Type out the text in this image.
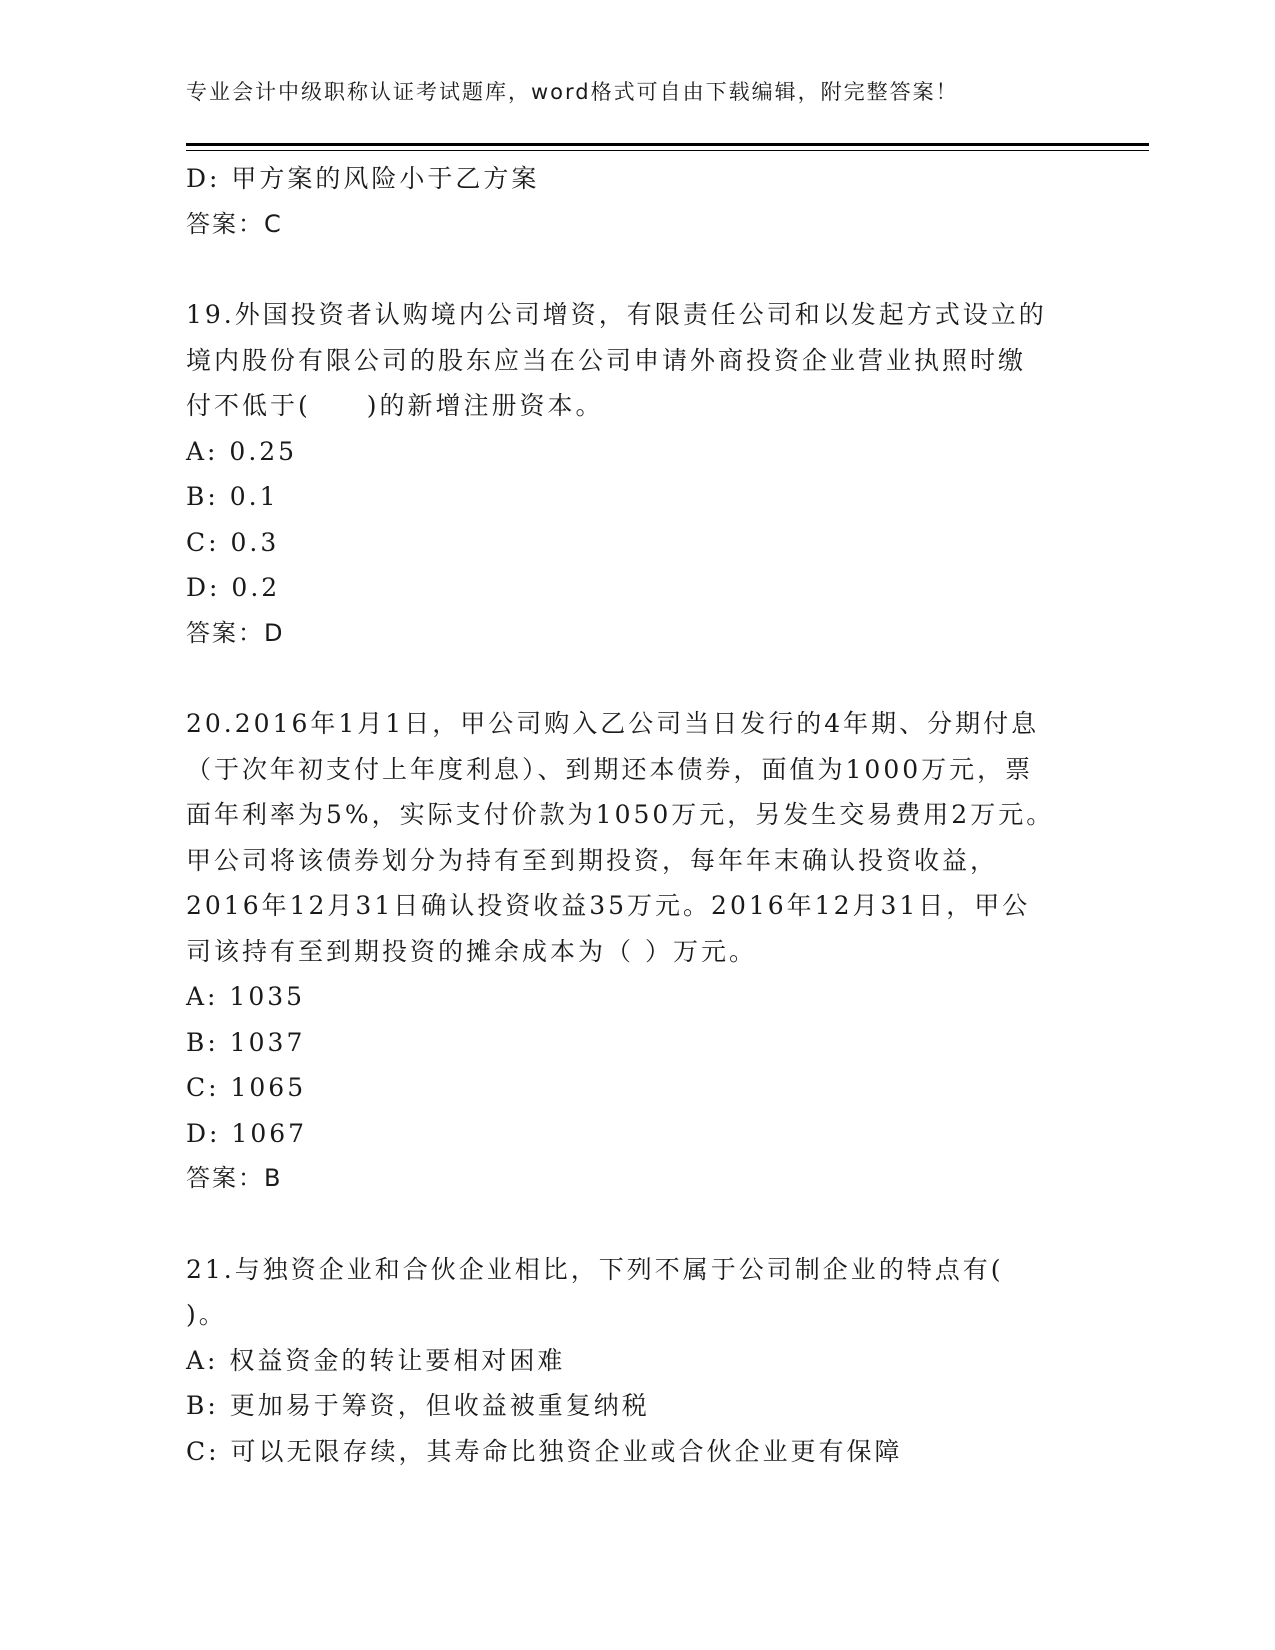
专业会计中级职称认证考试题库，word格式可自由下载编辑，附完整答案！
D: 甲方案的风险小于乙方案
答案：C
19.外国投资者认购境内公司增资，有限责任公司和以发起方式设立的
境内股份有限公司的股东应当在公司申请外商投资企业营业执照时缴
付不低于(　　)的新增注册资本。
A: 0.25
B: 0.1
C: 0.3
D: 0.2
答案：D
20.2016年1月1日，甲公司购入乙公司当日发行的4年期、分期付息
（于次年初支付上年度利息）、到期还本债券，面值为1000万元，票
面年利率为5%，实际支付价款为1050万元，另发生交易费用2万元。
甲公司将该债券划分为持有至到期投资，每年年末确认投资收益，
2016年12月31日确认投资收益35万元。2016年12月31日，甲公
司该持有至到期投资的摊余成本为（ ）万元。
A: 1035
B: 1037
C: 1065
D: 1067
答案：B
21.与独资企业和合伙企业相比，下列不属于公司制企业的特点有(
)。
A: 权益资金的转让要相对困难
B: 更加易于筹资，但收益被重复纳税
C: 可以无限存续，其寿命比独资企业或合伙企业更有保障
